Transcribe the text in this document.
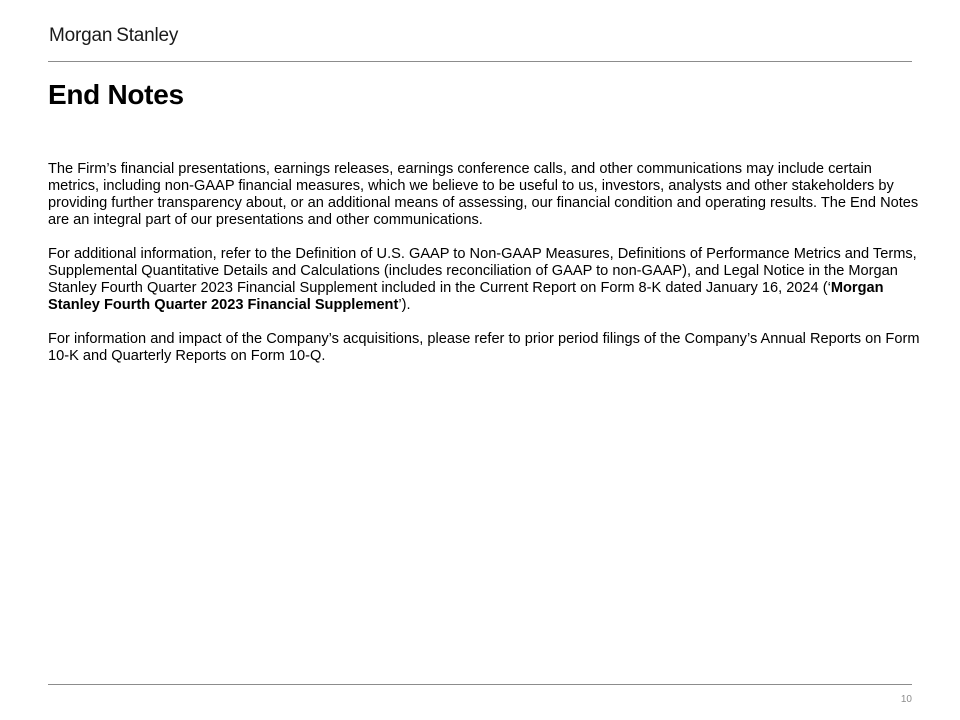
Morgan Stanley
End Notes

The Firm’s financial presentations, earnings releases, earnings conference calls, and other communications may include certain metrics, including non-GAAP financial measures, which we believe to be useful to us, investors, analysts and other stakeholders by providing further transparency about, or an additional means of assessing, our financial condition and operating results. The End Notes are an integral part of our presentations and other communications.

For additional information, refer to the Definition of U.S. GAAP to Non-GAAP Measures, Definitions of Performance Metrics and Terms, Supplemental Quantitative Details and Calculations (includes reconciliation of GAAP to non-GAAP), and Legal Notice in the Morgan Stanley Fourth Quarter 2023 Financial Supplement included in the Current Report on Form 8-K dated January 16, 2024 (‘Morgan Stanley Fourth Quarter 2023 Financial Supplement’).

For information and impact of the Company’s acquisitions, please refer to prior period filings of the Company’s Annual Reports on Form 10-K and Quarterly Reports on Form 10-Q.

10
